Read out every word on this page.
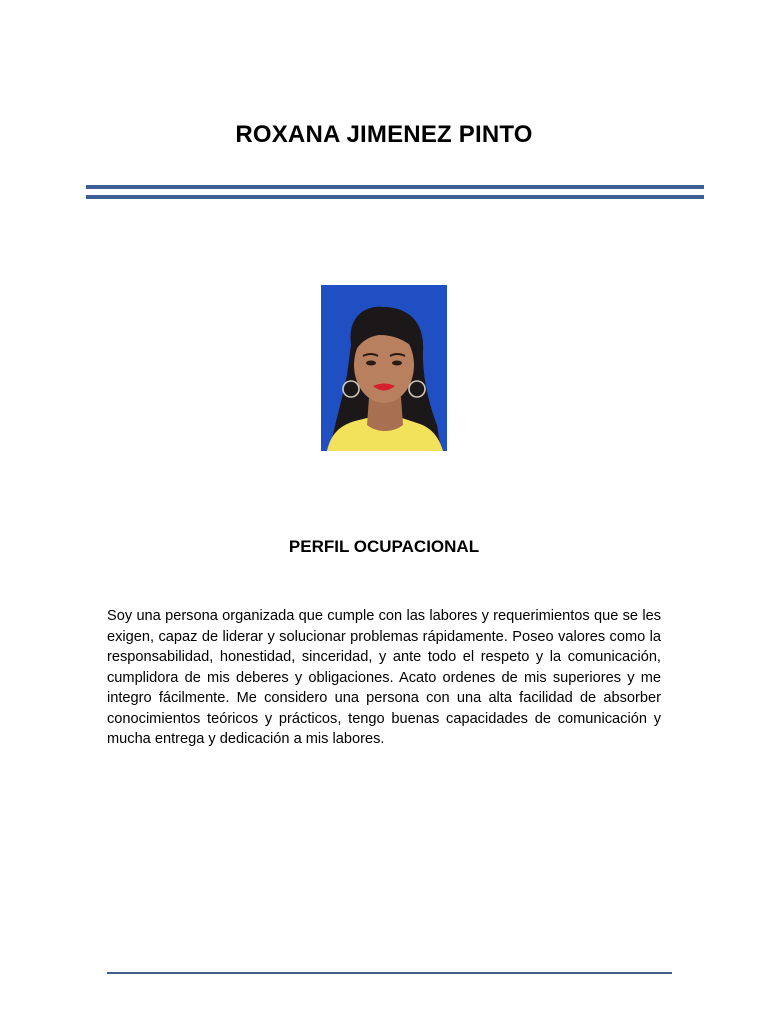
ROXANA JIMENEZ PINTO
PERFIL OCUPACIONAL
Soy una persona organizada que cumple con las labores y requerimientos que se les exigen, capaz de liderar y solucionar problemas rápidamente. Poseo valores como la responsabilidad, honestidad, sinceridad, y ante todo el respeto y la comunicación, cumplidora de mis deberes y obligaciones. Acato ordenes de mis superiores y me integro fácilmente. Me considero una persona con una alta facilidad de absorber conocimientos teóricos y prácticos, tengo buenas capacidades de comunicación y mucha entrega y dedicación a mis labores.
